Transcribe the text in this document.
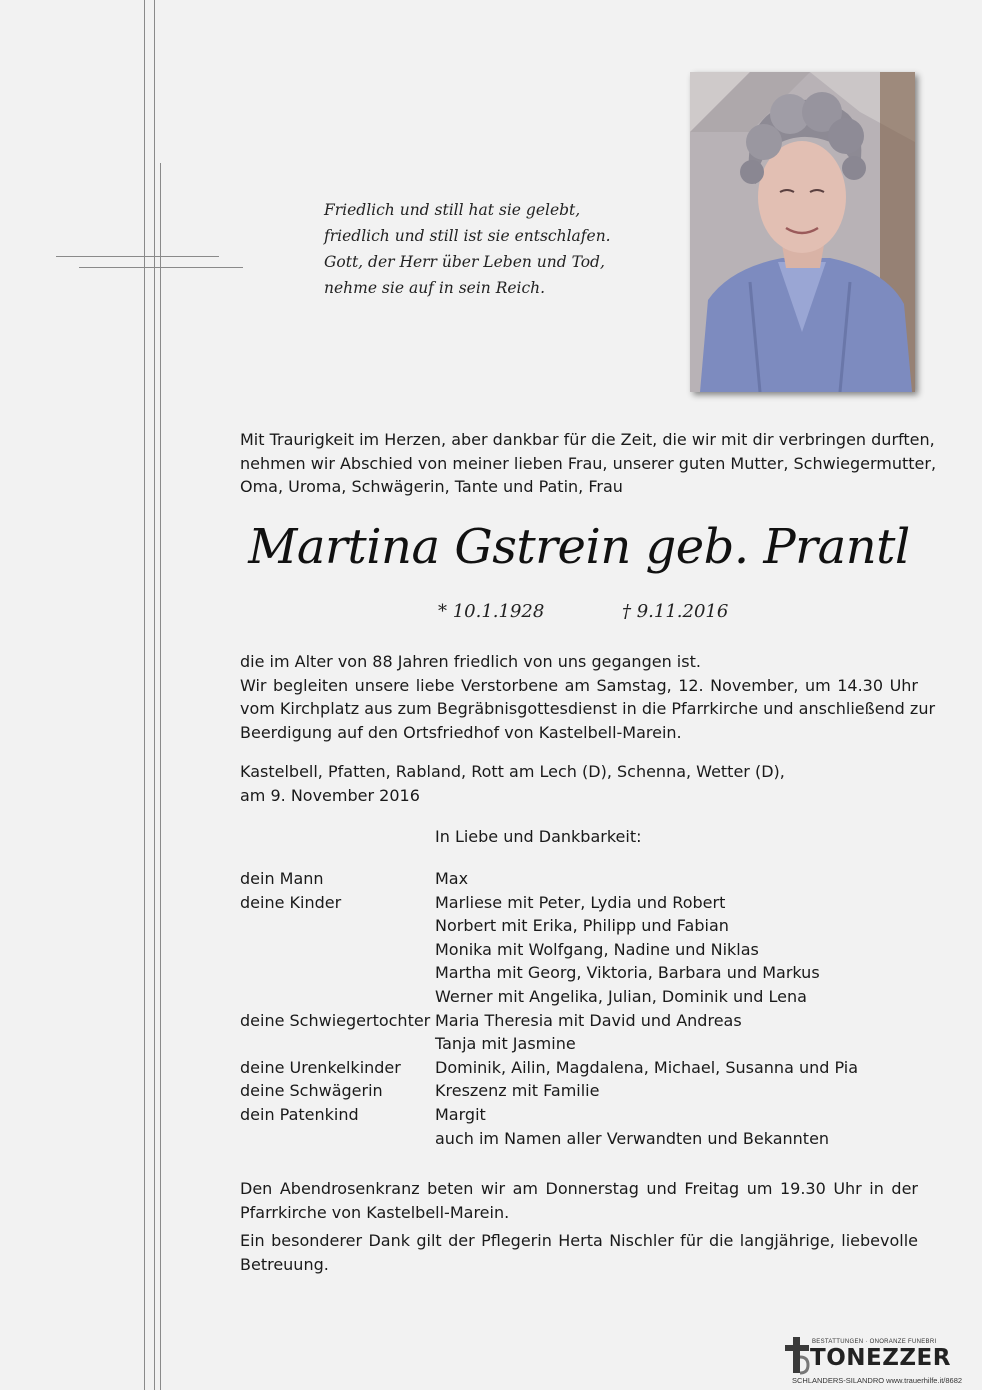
Friedlich und still hat sie gelebt,
friedlich und still ist sie entschlafen.
Gott, der Herr über Leben und Tod,
nehme sie auf in sein Reich.
Mit Traurigkeit im Herzen, aber dankbar für die Zeit, die wir mit dir verbringen durften,
nehmen wir Abschied von meiner lieben Frau, unserer guten Mutter, Schwiegermutter,
Oma, Uroma, Schwägerin, Tante und Patin, Frau
Martina Gstrein geb. Prantl
* 10.1.1928	† 9.11.2016
die im Alter von 88 Jahren friedlich von uns gegangen ist.
Wir begleiten unsere liebe Verstorbene am Samstag, 12. November, um 14.30 Uhr
vom Kirchplatz aus zum Begräbnisgottesdienst in die Pfarrkirche und anschließend zur
Beerdigung auf den Ortsfriedhof von Kastelbell-Marein.
Kastelbell, Pfatten, Rabland, Rott am Lech (D), Schenna, Wetter (D),
am 9. November 2016
In Liebe und Dankbarkeit:
dein Mann	Max
deine Kinder	Marliese mit Peter, Lydia und Robert
Norbert mit Erika, Philipp und Fabian
Monika mit Wolfgang, Nadine und Niklas
Martha mit Georg, Viktoria, Barbara und Markus
Werner mit Angelika, Julian, Dominik und Lena
deine Schwiegertochter Maria Theresia mit David und Andreas
Tanja mit Jasmine
deine Urenkelkinder	Dominik, Ailin, Magdalena, Michael, Susanna und Pia
deine Schwägerin	Kreszenz mit Familie
dein Patenkind	Margit
auch im Namen aller Verwandten und Bekannten
Den Abendrosenkranz beten wir am Donnerstag und Freitag um 19.30 Uhr in der
Pfarrkirche von Kastelbell-Marein.
Ein besonderer Dank gilt der Pflegerin Herta Nischler für die langjährige, liebevolle
Betreuung.
BESTATTUNGEN · ONORANZE FUNEBRI
TONEZZER
SCHLANDERS-SILANDRO www.trauerhilfe.it/8682
